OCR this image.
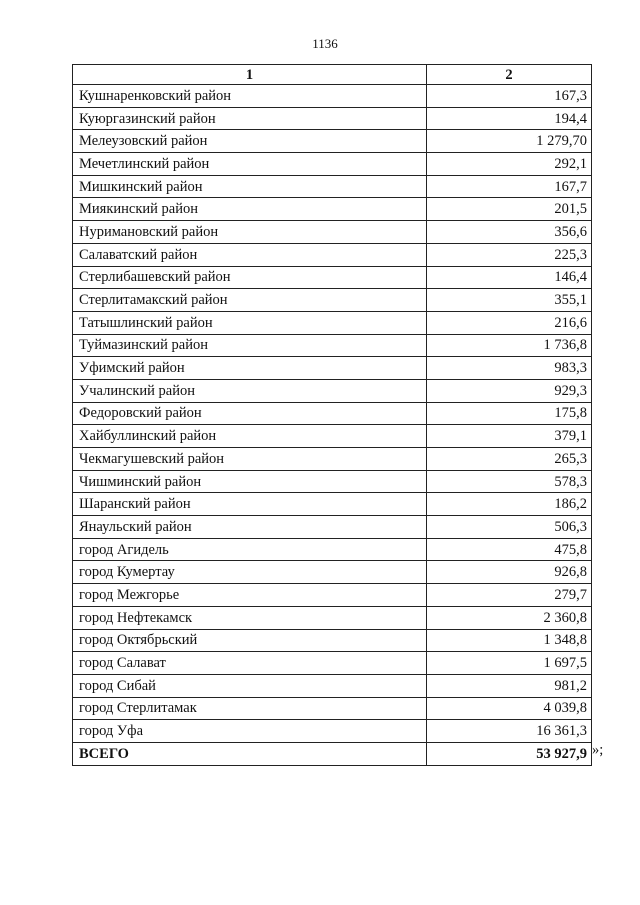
1136
1	2
Кушнаренковский район	167,3
Куюргазинский район	194,4
Мелеузовский район	1 279,70
Мечетлинский район	292,1
Мишкинский район	167,7
Миякинский район	201,5
Нуримановский район	356,6
Салаватский район	225,3
Стерлибашевский район	146,4
Стерлитамакский район	355,1
Татышлинский район	216,6
Туймазинский район	1 736,8
Уфимский район	983,3
Учалинский район	929,3
Федоровский район	175,8
Хайбуллинский район	379,1
Чекмагушевский район	265,3
Чишминский район	578,3
Шаранский район	186,2
Янаульский район	506,3
город Агидель	475,8
город Кумертау	926,8
город Межгорье	279,7
город Нефтекамск	2 360,8
город Октябрьский	1 348,8
город Салават	1 697,5
город Сибай	981,2
город Стерлитамак	4 039,8
город Уфа	16 361,3
ВСЕГО	53 927,9 »;
